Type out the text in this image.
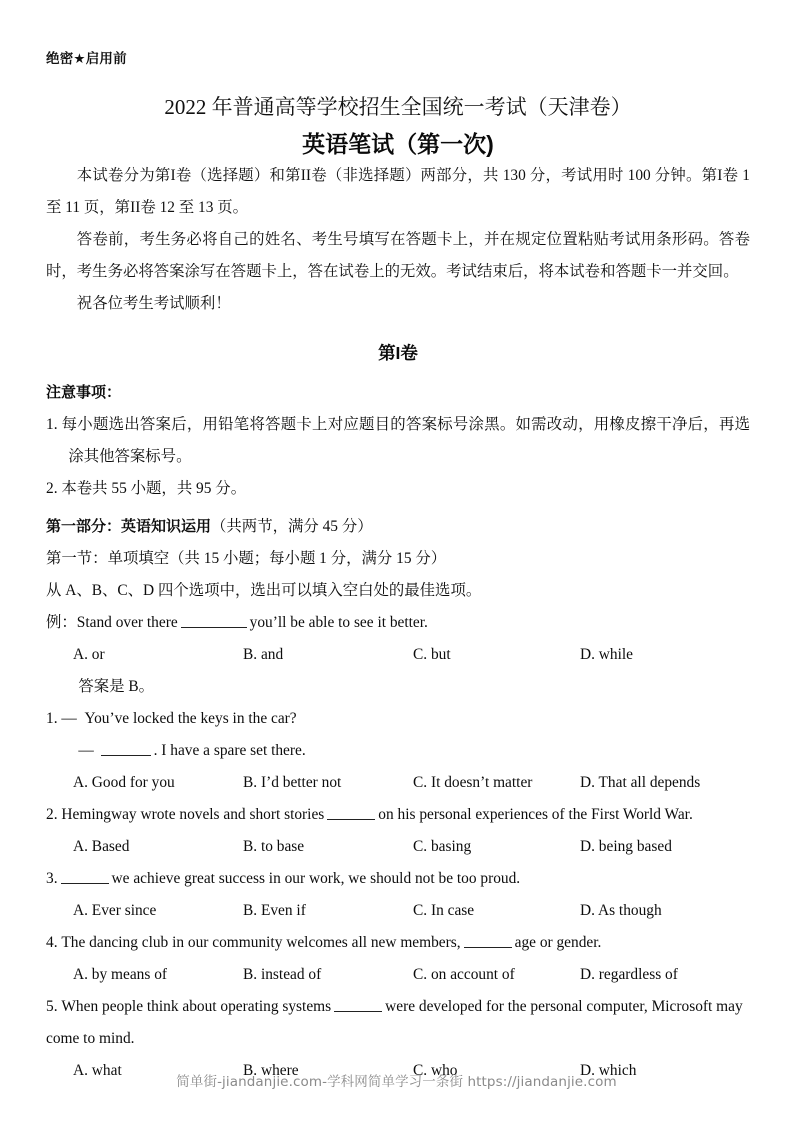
绝密★启用前
2022 年普通高等学校招生全国统一考试（天津卷）
英语笔试（第一次)

本试卷分为第I卷（选择题）和第II卷（非选择题）两部分，共 130 分，考试用时 100 分钟。第I卷 1 至 11 页，第II卷 12 至 13 页。

答卷前，考生务必将自己的姓名、考生号填写在答题卡上，并在规定位置粘贴考试用条形码。答卷时，考生务必将答案涂写在答题卡上，答在试卷上的无效。考试结束后，将本试卷和答题卡一并交回。

祝各位考生考试顺利！

第I卷

注意事项：

1. 每小题选出答案后，用铅笔将答题卡上对应题目的答案标号涂黑。如需改动，用橡皮擦干净后，再选涂其他答案标号。

2. 本卷共 55 小题，共 95 分。

第一部分：英语知识运用（共两节，满分 45 分）

第一节：单项填空（共 15 小题；每小题 1 分，满分 15 分）

从 A、B、C、D 四个选项中，选出可以填入空白处的最佳选项。

例：Stand over there	you’ll be able to see it better.

A. or	B. and	C. but	D. while

答案是 B。

1. — You’ve locked the keys in the car?

—	. I have a spare set there.

A. Good for you	B. I’d better not	C. It doesn’t matter	D. That all depends

2. Hemingway wrote novels and short stories	on his personal experiences of the First World War.

A. Based	B. to base	C. basing	D. being based

3.	we achieve great success in our work, we should not be too proud.

A. Ever since	B. Even if	C. In case	D. As though

4. The dancing club in our community welcomes all new members,	age or gender.

A. by means of	B. instead of	C. on account of	D. regardless of

5. When people think about operating systems	were developed for the personal computer, Microsoft may come to mind.

A. what	B. where	C. who	D. which
简单街-jiandanjie.com-学科网简单学习一条街 https://jiandanjie.com
